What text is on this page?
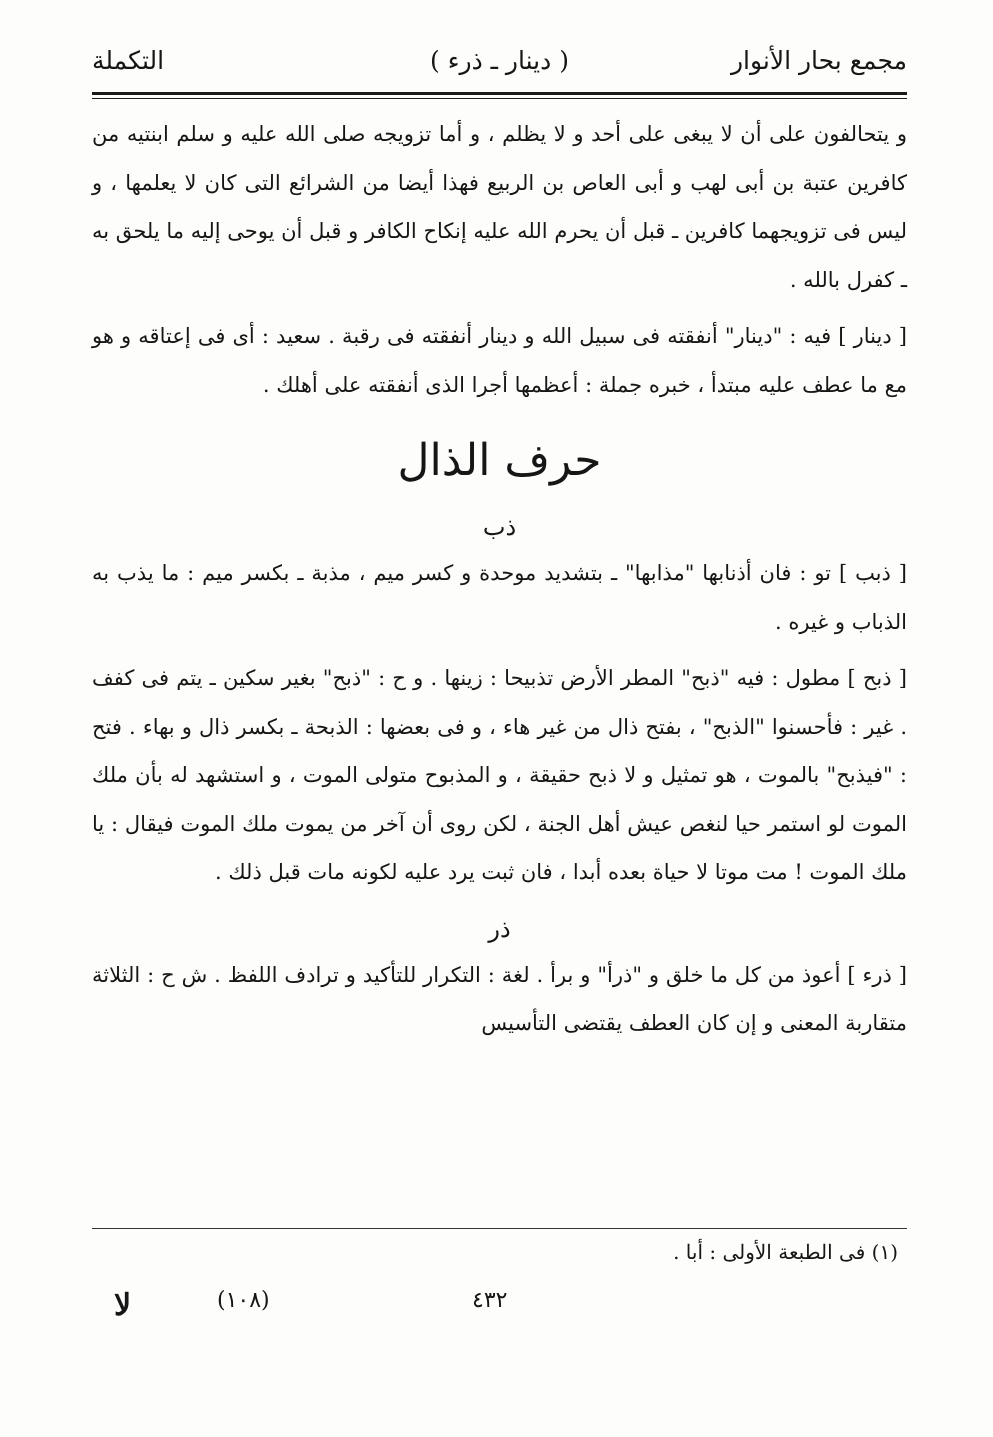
مجمع بحار الأنوار
( دينار ـ ذرء )
التكملة

و يتحالفون على أن لا يبغى على أحد و لا يظلم ، و أما تزويجه صلى الله عليه و سلم ابنتيه من كافرين عتبة بن أبى لهب و أبى العاص بن الربيع فهذا أيضا من الشرائع التى كان لا يعلمها ، و ليس فى تزويجهما كافرين ـ قبل أن يحرم الله عليه إنكاح الكافر و قبل أن يوحى إليه ما يلحق به ـ كفرل بالله .

[ دينار ] فيه : "دينار" أنفقته فى سبيل الله و دينار أنفقته فى رقبة . سعيد : أى فى إعتاقه و هو مع ما عطف عليه مبتدأ ، خبره جملة : أعظمها أجرا الذى أنفقته على أهلك .

حرف الذال
ذب

[ ذبب ] تو : فان أذنابها "مذابها" ـ بتشديد موحدة و كسر ميم ، مذبة ـ بكسر ميم : ما يذب به الذباب و غيره .

[ ذبح ] مطول : فيه "ذبح" المطر الأرض تذبيحا : زينها . و ح : "ذبح" بغير سكين ـ يتم فى كفف . غير : فأحسنوا "الذبح" ، بفتح ذال من غير هاء ، و فى بعضها : الذبحة ـ بكسر ذال و بهاء . فتح : "فيذبح" بالموت ، هو تمثيل و لا ذبح حقيقة ، و المذبوح متولى الموت ، و استشهد له بأن ملك الموت لو استمر حيا لنغص عيش أهل الجنة ، لكن روى أن آخر من يموت ملك الموت فيقال : يا ملك الموت ! مت موتا لا حياة بعده أبدا ، فان ثبت يرد عليه لكونه مات قبل ذلك .

ذر

[ ذرء ] أعوذ من كل ما خلق و "ذرأ" و برأ . لغة : التكرار للتأكيد و ترادف اللفظ . ش ح : الثلاثة متقاربة المعنى و إن كان العطف يقتضى التأسيس

(١) فى الطبعة الأولى : أبا .
لا	(١٠٨)	٤٣٢
